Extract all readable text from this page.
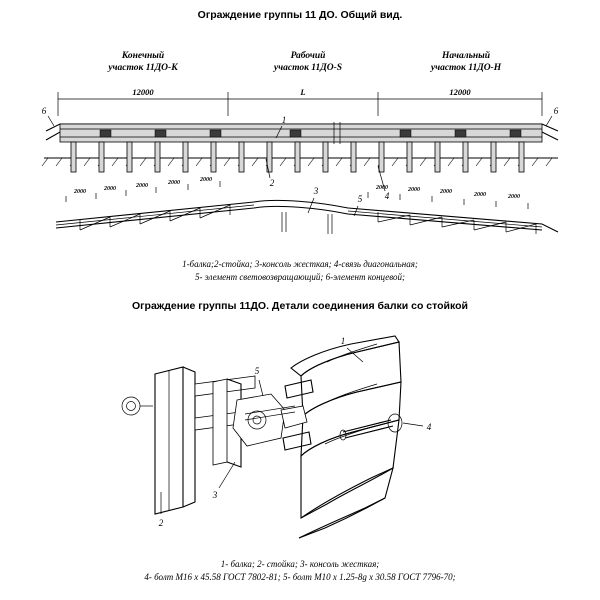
Ограждение группы 11 ДО. Общий вид.
Конечный
участок 11ДО-К
Рабочий
участок 11ДО-S
Начальный
участок 11ДО-Н
12000	L	12000
2000	2000	2000	2000	2000
2000	2000	2000	2000	2000
6
1
2
3	4
5
6
1-балка;2-стойка; 3-консоль жесткая; 4-связь диагональная;
5- элемент световозвращающий; 6-элемент концевой;
Ограждение группы 11ДО. Детали соединения балки со стойкой
1
2
3
4
5
1- балка; 2- стойка; 3- консоль жесткая;
4- болт М16 х 45.58 ГОСТ 7802-81; 5- болт М10 х 1.25-8g х 30.58 ГОСТ 7796-70;
